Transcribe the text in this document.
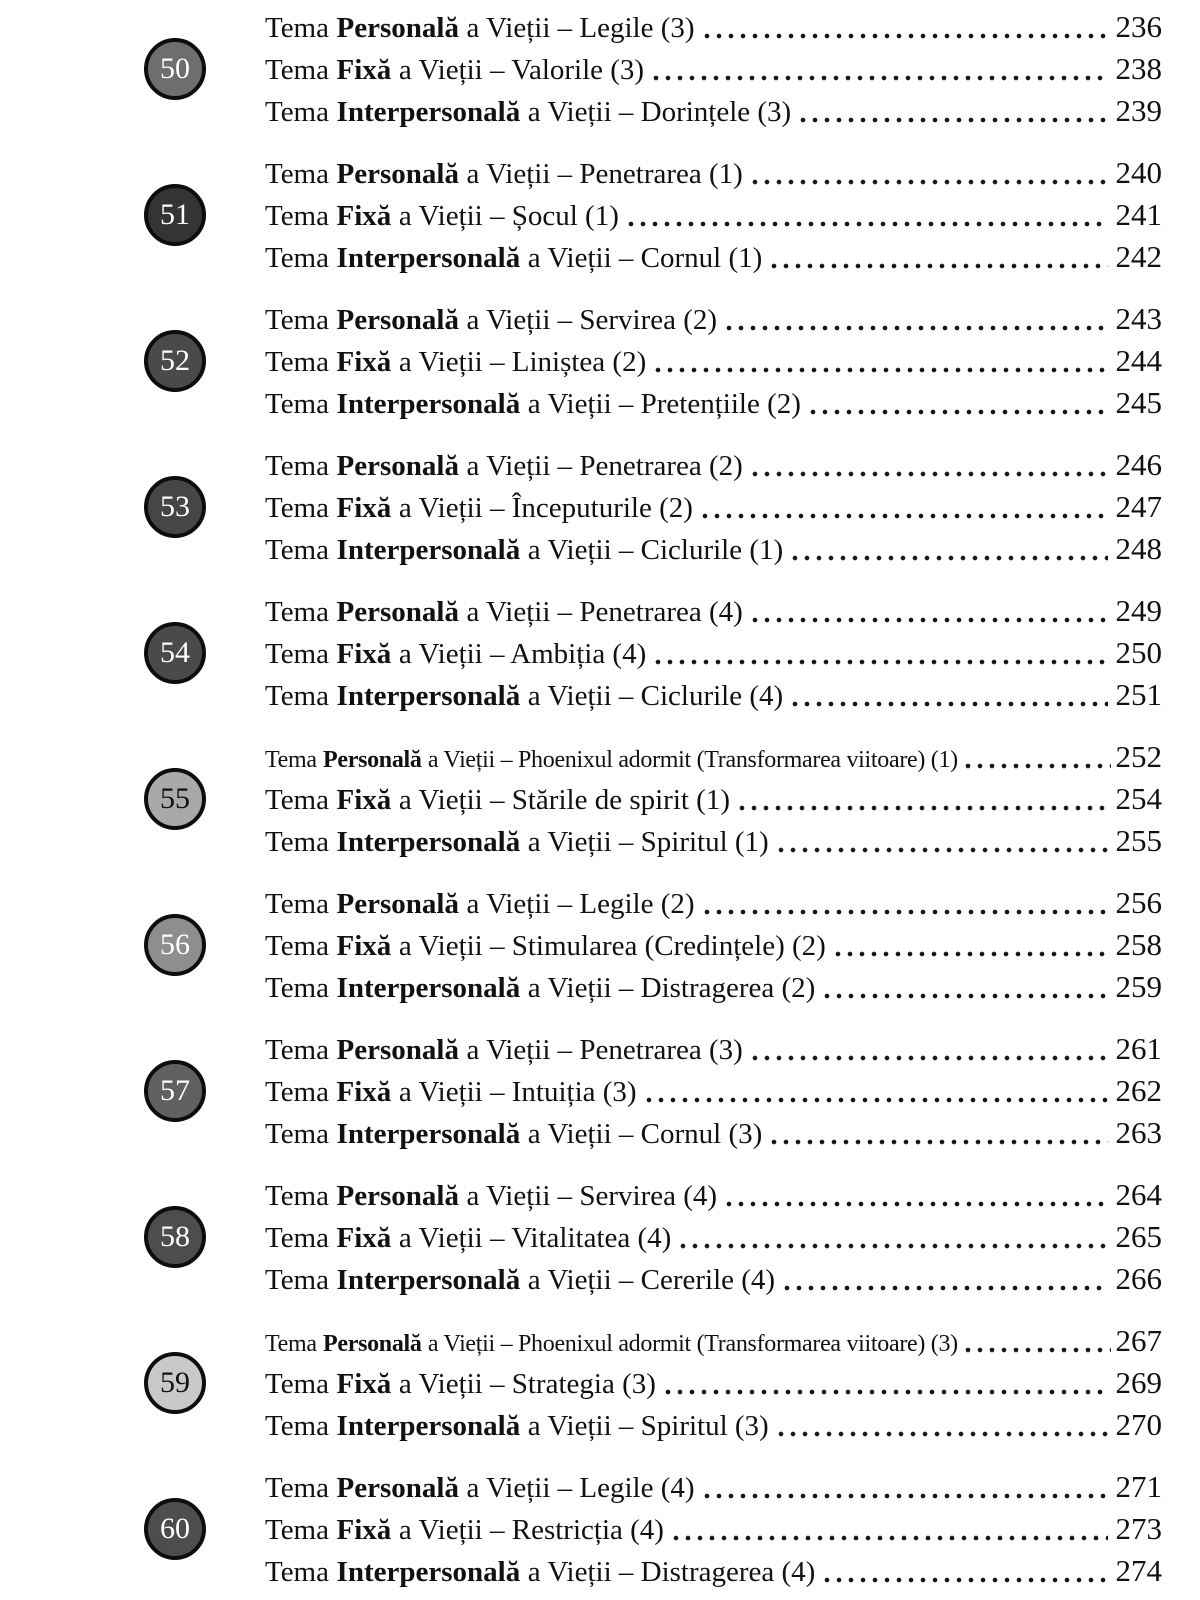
50
Tema Personală a Vieții – Legile (3)	236
Tema Fixă a Vieții – Valorile (3)	238
Tema Interpersonală a Vieții – Dorințele (3)	239
51
Tema Personală a Vieții – Penetrarea (1)	240
Tema Fixă a Vieții – Șocul (1)	241
Tema Interpersonală a Vieții – Cornul (1)	242
52
Tema Personală a Vieții – Servirea (2)	243
Tema Fixă a Vieții – Liniștea (2)	244
Tema Interpersonală a Vieții – Pretențiile (2)	245
53
Tema Personală a Vieții – Penetrarea (2)	246
Tema Fixă a Vieții – Începuturile (2)	247
Tema Interpersonală a Vieții – Ciclurile (1)	248
54
Tema Personală a Vieții – Penetrarea (4)	249
Tema Fixă a Vieții – Ambiția (4)	250
Tema Interpersonală a Vieții – Ciclurile (4)	251
55
Tema Personală a Vieții – Phoenixul adormit (Transformarea viitoare) (1)	252
Tema Fixă a Vieții – Stările de spirit (1)	254
Tema Interpersonală a Vieții – Spiritul (1)	255
56
Tema Personală a Vieții – Legile (2)	256
Tema Fixă a Vieții – Stimularea (Credințele) (2)	258
Tema Interpersonală a Vieții – Distragerea (2)	259
57
Tema Personală a Vieții – Penetrarea (3)	261
Tema Fixă a Vieții – Intuiția (3)	262
Tema Interpersonală a Vieții – Cornul (3)	263
58
Tema Personală a Vieții – Servirea (4)	264
Tema Fixă a Vieții – Vitalitatea (4)	265
Tema Interpersonală a Vieții – Cererile (4)	266
59
Tema Personală a Vieții – Phoenixul adormit (Transformarea viitoare) (3)	267
Tema Fixă a Vieții – Strategia (3)	269
Tema Interpersonală a Vieții – Spiritul (3)	270
60
Tema Personală a Vieții – Legile (4)	271
Tema Fixă a Vieții – Restricția (4)	273
Tema Interpersonală a Vieții – Distragerea (4)	274
